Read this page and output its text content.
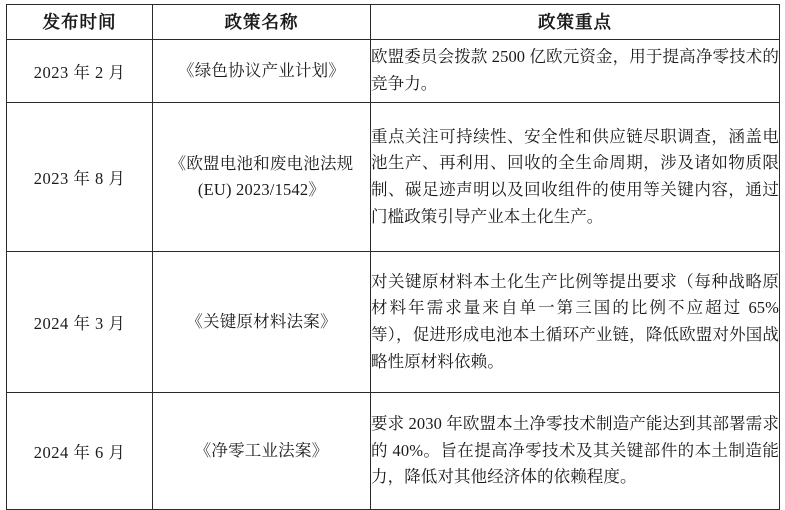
发布时间	政策名称	政策重点
2023 年 2 月	《绿色协议产业计划》	欧盟委员会拨款 2500 亿欧元资金，用于提高净零技术的竞争力。
2023 年 8 月	《欧盟电池和废电池法规 (EU) 2023/1542》	重点关注可持续性、安全性和供应链尽职调查，涵盖电池生产、再利用、回收的全生命周期，涉及诸如物质限制、碳足迹声明以及回收组件的使用等关键内容，通过门槛政策引导产业本土化生产。
2024 年 3 月	《关键原材料法案》	对关键原材料本土化生产比例等提出要求（每种战略原材料年需求量来自单一第三国的比例不应超过 65%等），促进形成电池本土循环产业链，降低欧盟对外国战略性原材料依赖。
2024 年 6 月	《净零工业法案》	要求 2030 年欧盟本土净零技术制造产能达到其部署需求的 40%。旨在提高净零技术及其关键部件的本土制造能力，降低对其他经济体的依赖程度。
